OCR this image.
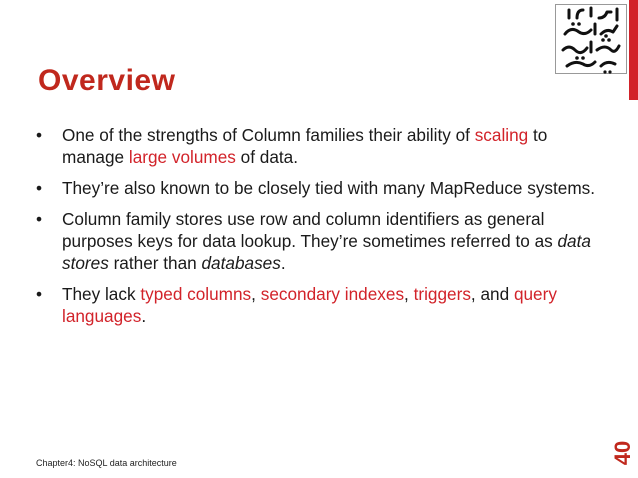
Overview
• One of the strengths of Column families their ability of scaling to manage large volumes of data.
• They’re also known to be closely tied with many MapReduce systems.
• Column family stores use row and column identifiers as general purposes keys for data lookup. They’re sometimes referred to as data stores rather than databases.
• They lack typed columns, secondary indexes, triggers, and query languages.
Chapter4: NoSQL data architecture	40
